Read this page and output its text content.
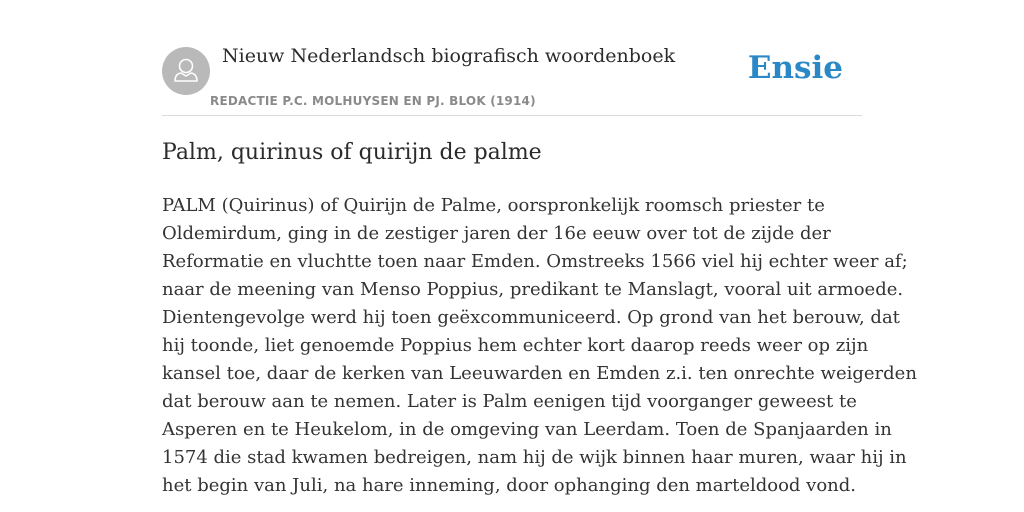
Nieuw Nederlandsch biografisch woordenboek
REDACTIE P.C. MOLHUYSEN EN PJ. BLOK (1914)
Ensie
Palm, quirinus of quirijn de palme
PALM (Quirinus) of Quirijn de Palme, oorspronkelijk roomsch priester te
Oldemirdum, ging in de zestiger jaren der 16e eeuw over tot de zijde der
Reformatie en vluchtte toen naar Emden. Omstreeks 1566 viel hij echter weer af;
naar de meening van Menso Poppius, predikant te Manslagt, vooral uit armoede.
Dientengevolge werd hij toen geëxcommuniceerd. Op grond van het berouw, dat
hij toonde, liet genoemde Poppius hem echter kort daarop reeds weer op zijn
kansel toe, daar de kerken van Leeuwarden en Emden z.i. ten onrechte weigerden
dat berouw aan te nemen. Later is Palm eenigen tijd voorganger geweest te
Asperen en te Heukelom, in de omgeving van Leerdam. Toen de Spanjaarden in
1574 die stad kwamen bedreigen, nam hij de wijk binnen haar muren, waar hij in
het begin van Juli, na hare inneming, door ophanging den marteldood vond.
